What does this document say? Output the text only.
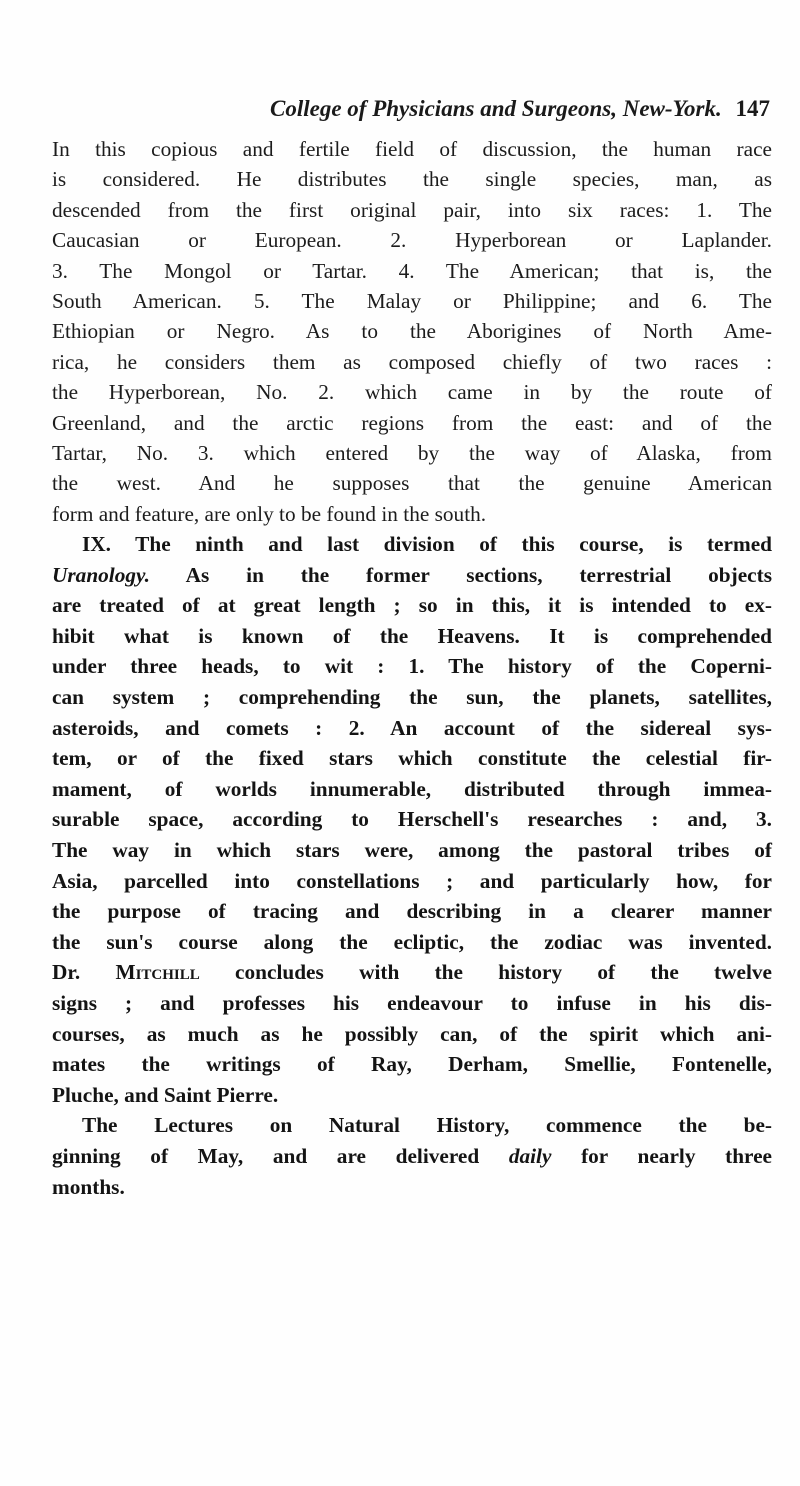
College of Physicians and Surgeons, New-York. 147
In this copious and fertile field of discussion, the human race
is considered. He distributes the single species, man, as
descended from the first original pair, into six races: 1. The
Caucasian or European. 2. Hyperborean or Laplander.
3. The Mongol or Tartar. 4. The American; that is, the
South American. 5. The Malay or Philippine; and 6. The
Ethiopian or Negro. As to the Aborigines of North Ame-
rica, he considers them as composed chiefly of two races :
the Hyperborean, No. 2. which came in by the route of
Greenland, and the arctic regions from the east: and of the
Tartar, No. 3. which entered by the way of Alaska, from
the west. And he supposes that the genuine American
form and feature, are only to be found in the south.
IX. The ninth and last division of this course, is termed
Uranology. As in the former sections, terrestrial objects
are treated of at great length ; so in this, it is intended to ex-
hibit what is known of the Heavens. It is comprehended
under three heads, to wit : 1. The history of the Coperni-
can system ; comprehending the sun, the planets, satellites,
asteroids, and comets : 2. An account of the sidereal sys-
tem, or of the fixed stars which constitute the celestial fir-
mament, of worlds innumerable, distributed through immea-
surable space, according to Herschell's researches : and, 3.
The way in which stars were, among the pastoral tribes of
Asia, parcelled into constellations ; and particularly how, for
the purpose of tracing and describing in a clearer manner
the sun's course along the ecliptic, the zodiac was invented.
Dr. Mitchill concludes with the history of the twelve
signs ; and professes his endeavour to infuse in his dis-
courses, as much as he possibly can, of the spirit which ani-
mates the writings of Ray, Derham, Smellie, Fontenelle,
Pluche, and Saint Pierre.
The Lectures on Natural History, commence the be-
ginning of May, and are delivered daily for nearly three
months.
